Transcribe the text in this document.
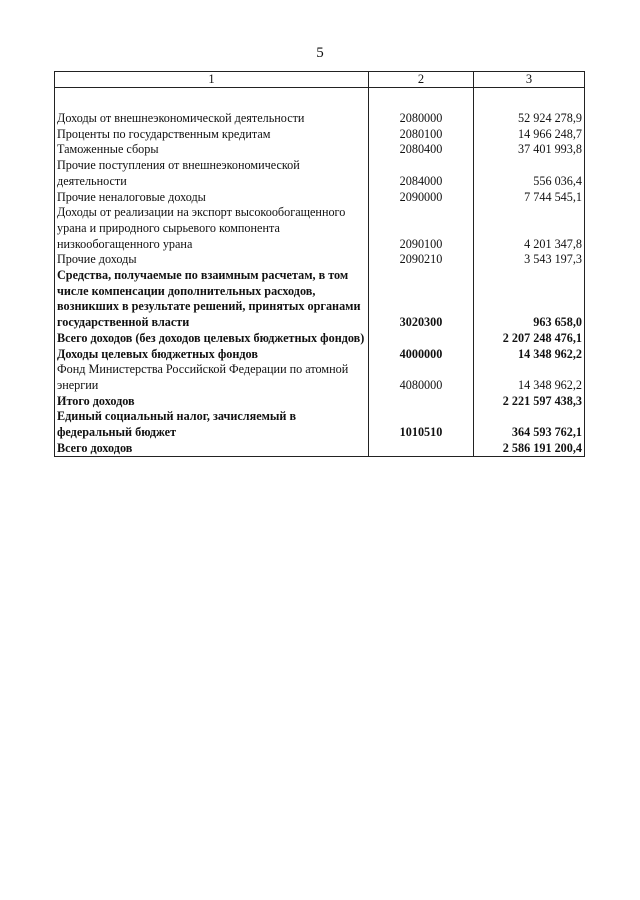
5
1	2	3

Доходы от внешнеэкономической деятельности	2080000	52 924 278,9
Проценты по государственным кредитам	2080100	14 966 248,7
Таможенные сборы	2080400	37 401 993,8
Прочие поступления от внешнеэкономической деятельности	2084000	556 036,4
Прочие неналоговые доходы	2090000	7 744 545,1
Доходы от реализации на экспорт высокообогащенного урана и природного сырьевого компонента низкообогащенного урана	2090100	4 201 347,8
Прочие доходы	2090210	3 543 197,3
Средства, получаемые по взаимным расчетам, в том числе компенсации дополнительных расходов, возникших в результате решений, принятых органами государственной власти	3020300	963 658,0
Всего доходов (без доходов целевых бюджетных фондов)		2 207 248 476,1
Доходы целевых бюджетных фондов	4000000	14 348 962,2
Фонд Министерства Российской Федерации по атомной энергии	4080000	14 348 962,2
Итого доходов		2 221 597 438,3
Единый социальный налог, зачисляемый в федеральный бюджет	1010510	364 593 762,1
Всего доходов		2 586 191 200,4
